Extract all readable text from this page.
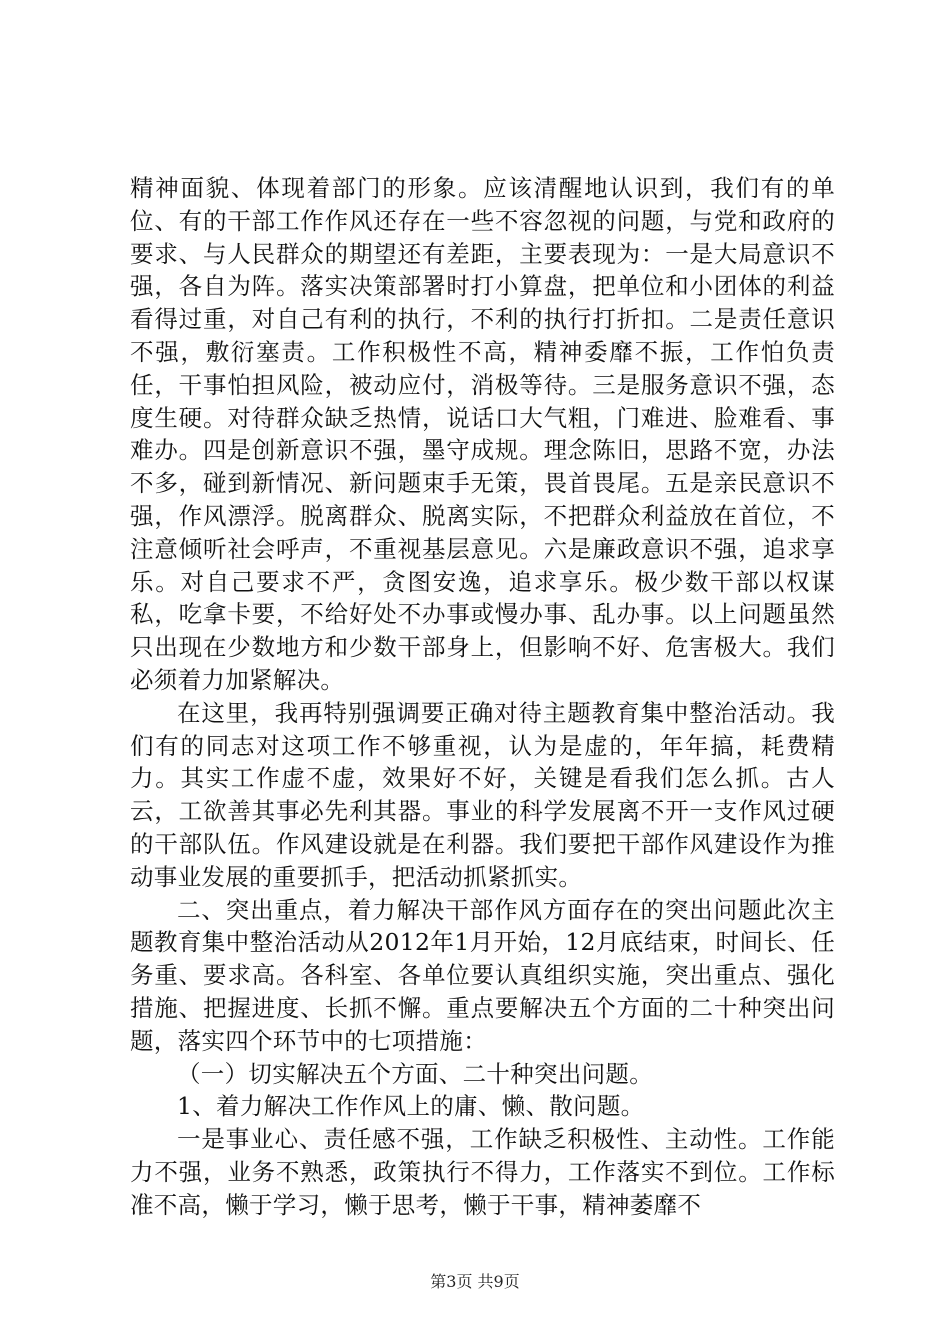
精神面貌、体现着部门的形象。应该清醒地认识到，我们有的单位、有的干部工作作风还存在一些不容忽视的问题，与党和政府的要求、与人民群众的期望还有差距，主要表现为：一是大局意识不强，各自为阵。落实决策部署时打小算盘，把单位和小团体的利益看得过重，对自己有利的执行，不利的执行打折扣。二是责任意识不强，敷衍塞责。工作积极性不高，精神委靡不振，工作怕负责任，干事怕担风险，被动应付，消极等待。三是服务意识不强，态度生硬。对待群众缺乏热情，说话口大气粗，门难进、脸难看、事难办。四是创新意识不强，墨守成规。理念陈旧，思路不宽，办法不多，碰到新情况、新问题束手无策，畏首畏尾。五是亲民意识不强，作风漂浮。脱离群众、脱离实际，不把群众利益放在首位，不注意倾听社会呼声，不重视基层意见。六是廉政意识不强，追求享乐。对自己要求不严，贪图安逸，追求享乐。极少数干部以权谋私，吃拿卡要，不给好处不办事或慢办事、乱办事。以上问题虽然只出现在少数地方和少数干部身上，但影响不好、危害极大。我们必须着力加紧解决。

在这里，我再特别强调要正确对待主题教育集中整治活动。我们有的同志对这项工作不够重视，认为是虚的，年年搞，耗费精力。其实工作虚不虚，效果好不好，关键是看我们怎么抓。古人云，工欲善其事必先利其器。事业的科学发展离不开一支作风过硬的干部队伍。作风建设就是在利器。我们要把干部作风建设作为推动事业发展的重要抓手，把活动抓紧抓实。

二、突出重点，着力解决干部作风方面存在的突出问题此次主题教育集中整治活动从2012年1月开始，12月底结束，时间长、任务重、要求高。各科室、各单位要认真组织实施，突出重点、强化措施、把握进度、长抓不懈。重点要解决五个方面的二十种突出问题，落实四个环节中的七项措施：

（一）切实解决五个方面、二十种突出问题。

1、着力解决工作作风上的庸、懒、散问题。

一是事业心、责任感不强，工作缺乏积极性、主动性。工作能力不强，业务不熟悉，政策执行不得力，工作落实不到位。工作标准不高，懒于学习，懒于思考，懒于干事，精神萎靡不

第3页 共9页
